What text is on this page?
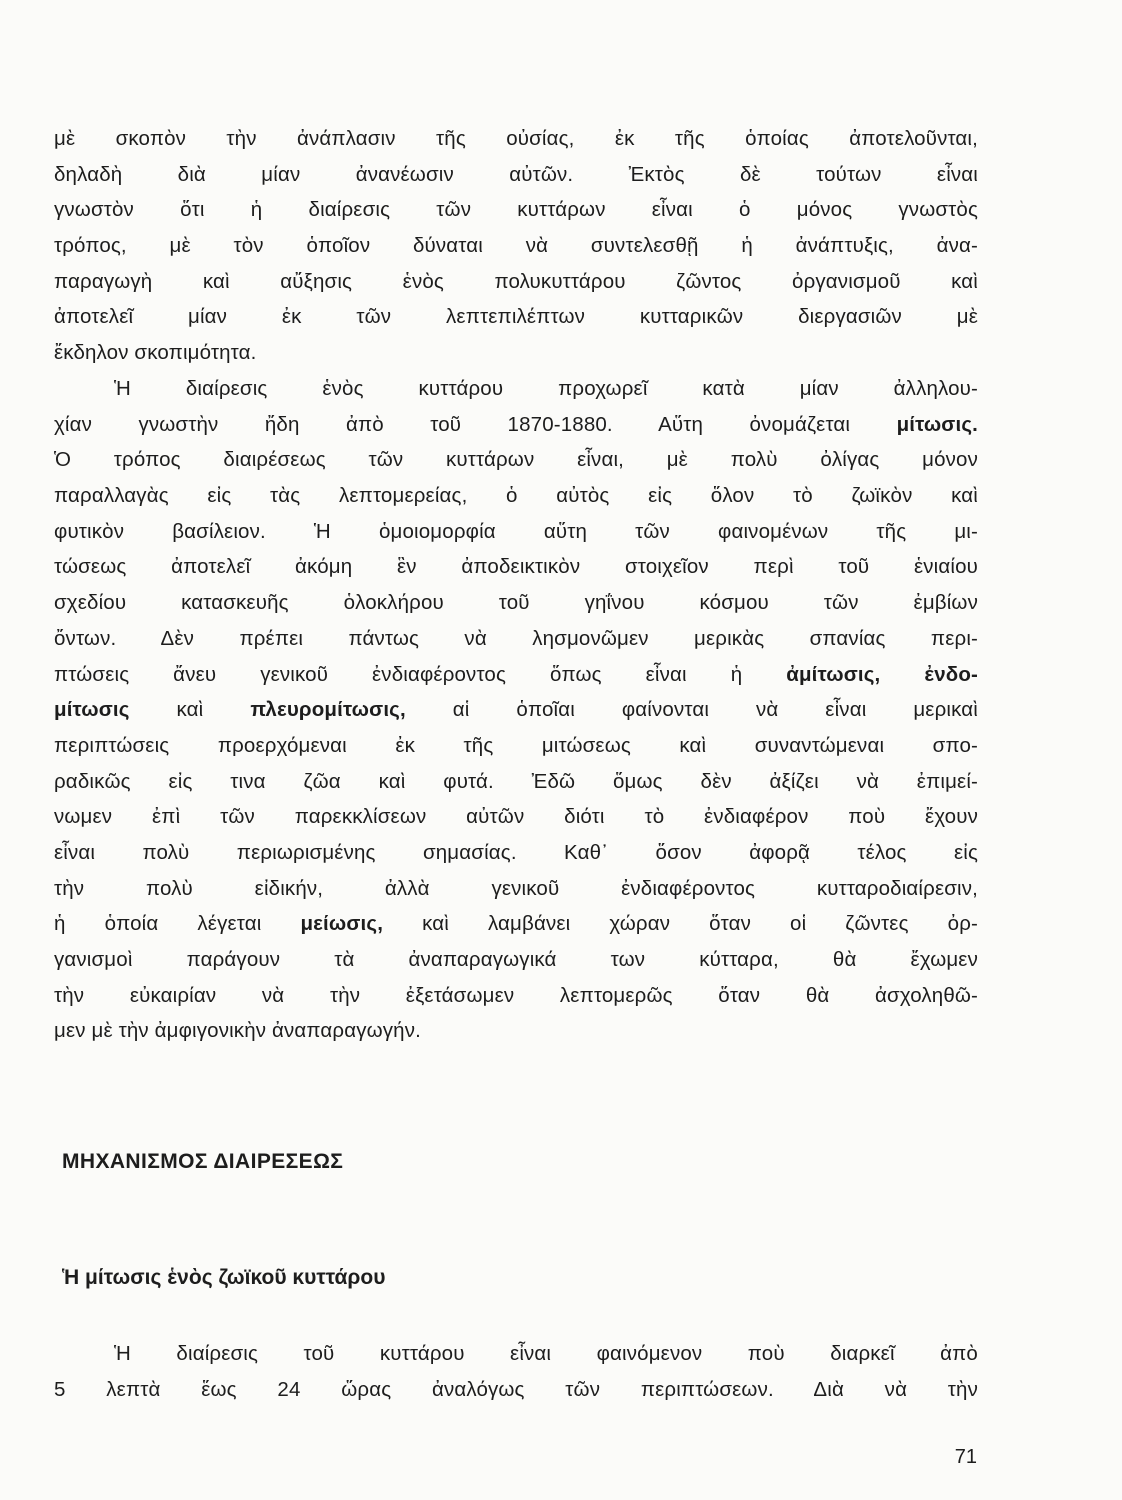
μὲ σκοπὸν τὴν ἀνάπλασιν τῆς οὐσίας, ἐκ τῆς ὁποίας ἀποτελοῦνται,
δηλαδὴ διὰ μίαν ἀνανέωσιν αὐτῶν. Ἐκτὸς δὲ τούτων εἶναι
γνωστὸν ὅτι ἡ διαίρεσις τῶν κυττάρων εἶναι ὁ μόνος γνωστὸς
τρόπος, μὲ τὸν ὁποῖον δύναται νὰ συντελεσθῇ ἡ ἀνάπτυξις, ἀνα-
παραγωγὴ καὶ αὔξησις ἑνὸς πολυκυττάρου ζῶντος ὀργανισμοῦ καὶ
ἀποτελεῖ μίαν ἐκ τῶν λεπτεπιλέπτων κυτταρικῶν διεργασιῶν μὲ
ἔκδηλον σκοπιμότητα.
Ἡ διαίρεσις ἑνὸς κυττάρου προχωρεῖ κατὰ μίαν ἀλληλου-
χίαν γνωστὴν ἤδη ἀπὸ τοῦ 1870-1880. Αὕτη ὀνομάζεται μίτωσις.
Ὁ τρόπος διαιρέσεως τῶν κυττάρων εἶναι, μὲ πολὺ ὀλίγας μόνον
παραλλαγὰς εἰς τὰς λεπτομερείας, ὁ αὐτὸς εἰς ὅλον τὸ ζωϊκὸν καὶ
φυτικὸν βασίλειον. Ἡ ὁμοιομορφία αὕτη τῶν φαινομένων τῆς μι-
τώσεως ἀποτελεῖ ἀκόμη ἓν ἀποδεικτικὸν στοιχεῖον περὶ τοῦ ἑνιαίου
σχεδίου κατασκευῆς ὁλοκλήρου τοῦ γηΐνου κόσμου τῶν ἐμβίων
ὄντων. Δὲν πρέπει πάντως νὰ λησμονῶμεν μερικὰς σπανίας περι-
πτώσεις ἄνευ γενικοῦ ἐνδιαφέροντος ὅπως εἶναι ἡ ἀμίτωσις, ἐνδο-
μίτωσις καὶ πλευρομίτωσις, αἱ ὁποῖαι φαίνονται νὰ εἶναι μερικαὶ
περιπτώσεις προερχόμεναι ἐκ τῆς μιτώσεως καὶ συναντώμεναι σπο-
ραδικῶς εἰς τινα ζῶα καὶ φυτά. Ἐδῶ ὅμως δὲν ἀξίζει νὰ ἐπιμεί-
νωμεν ἐπὶ τῶν παρεκκλίσεων αὐτῶν διότι τὸ ἐνδιαφέρον ποὺ ἔχουν
εἶναι πολὺ περιωρισμένης σημασίας. Καθ᾽ ὅσον ἀφορᾷ τέλος εἰς
τὴν πολὺ εἰδικήν, ἀλλὰ γενικοῦ ἐνδιαφέροντος κυτταροδιαίρεσιν,
ἡ ὁποία λέγεται μείωσις, καὶ λαμβάνει χώραν ὅταν οἱ ζῶντες ὀρ-
γανισμοὶ παράγουν τὰ ἀναπαραγωγικά των κύτταρα, θὰ ἔχωμεν
τὴν εὐκαιρίαν νὰ τὴν ἐξετάσωμεν λεπτομερῶς ὅταν θὰ ἀσχοληθῶ-
μεν μὲ τὴν ἀμφιγονικὴν ἀναπαραγωγήν.
ΜΗΧΑΝΙΣΜΟΣ ΔΙΑΙΡΕΣΕΩΣ
Ἡ μίτωσις ἑνὸς ζωϊκοῦ κυττάρου
Ἡ διαίρεσις τοῦ κυττάρου εἶναι φαινόμενον ποὺ διαρκεῖ ἀπὸ
5 λεπτὰ ἕως 24 ὥρας ἀναλόγως τῶν περιπτώσεων. Διὰ νὰ τὴν
71
